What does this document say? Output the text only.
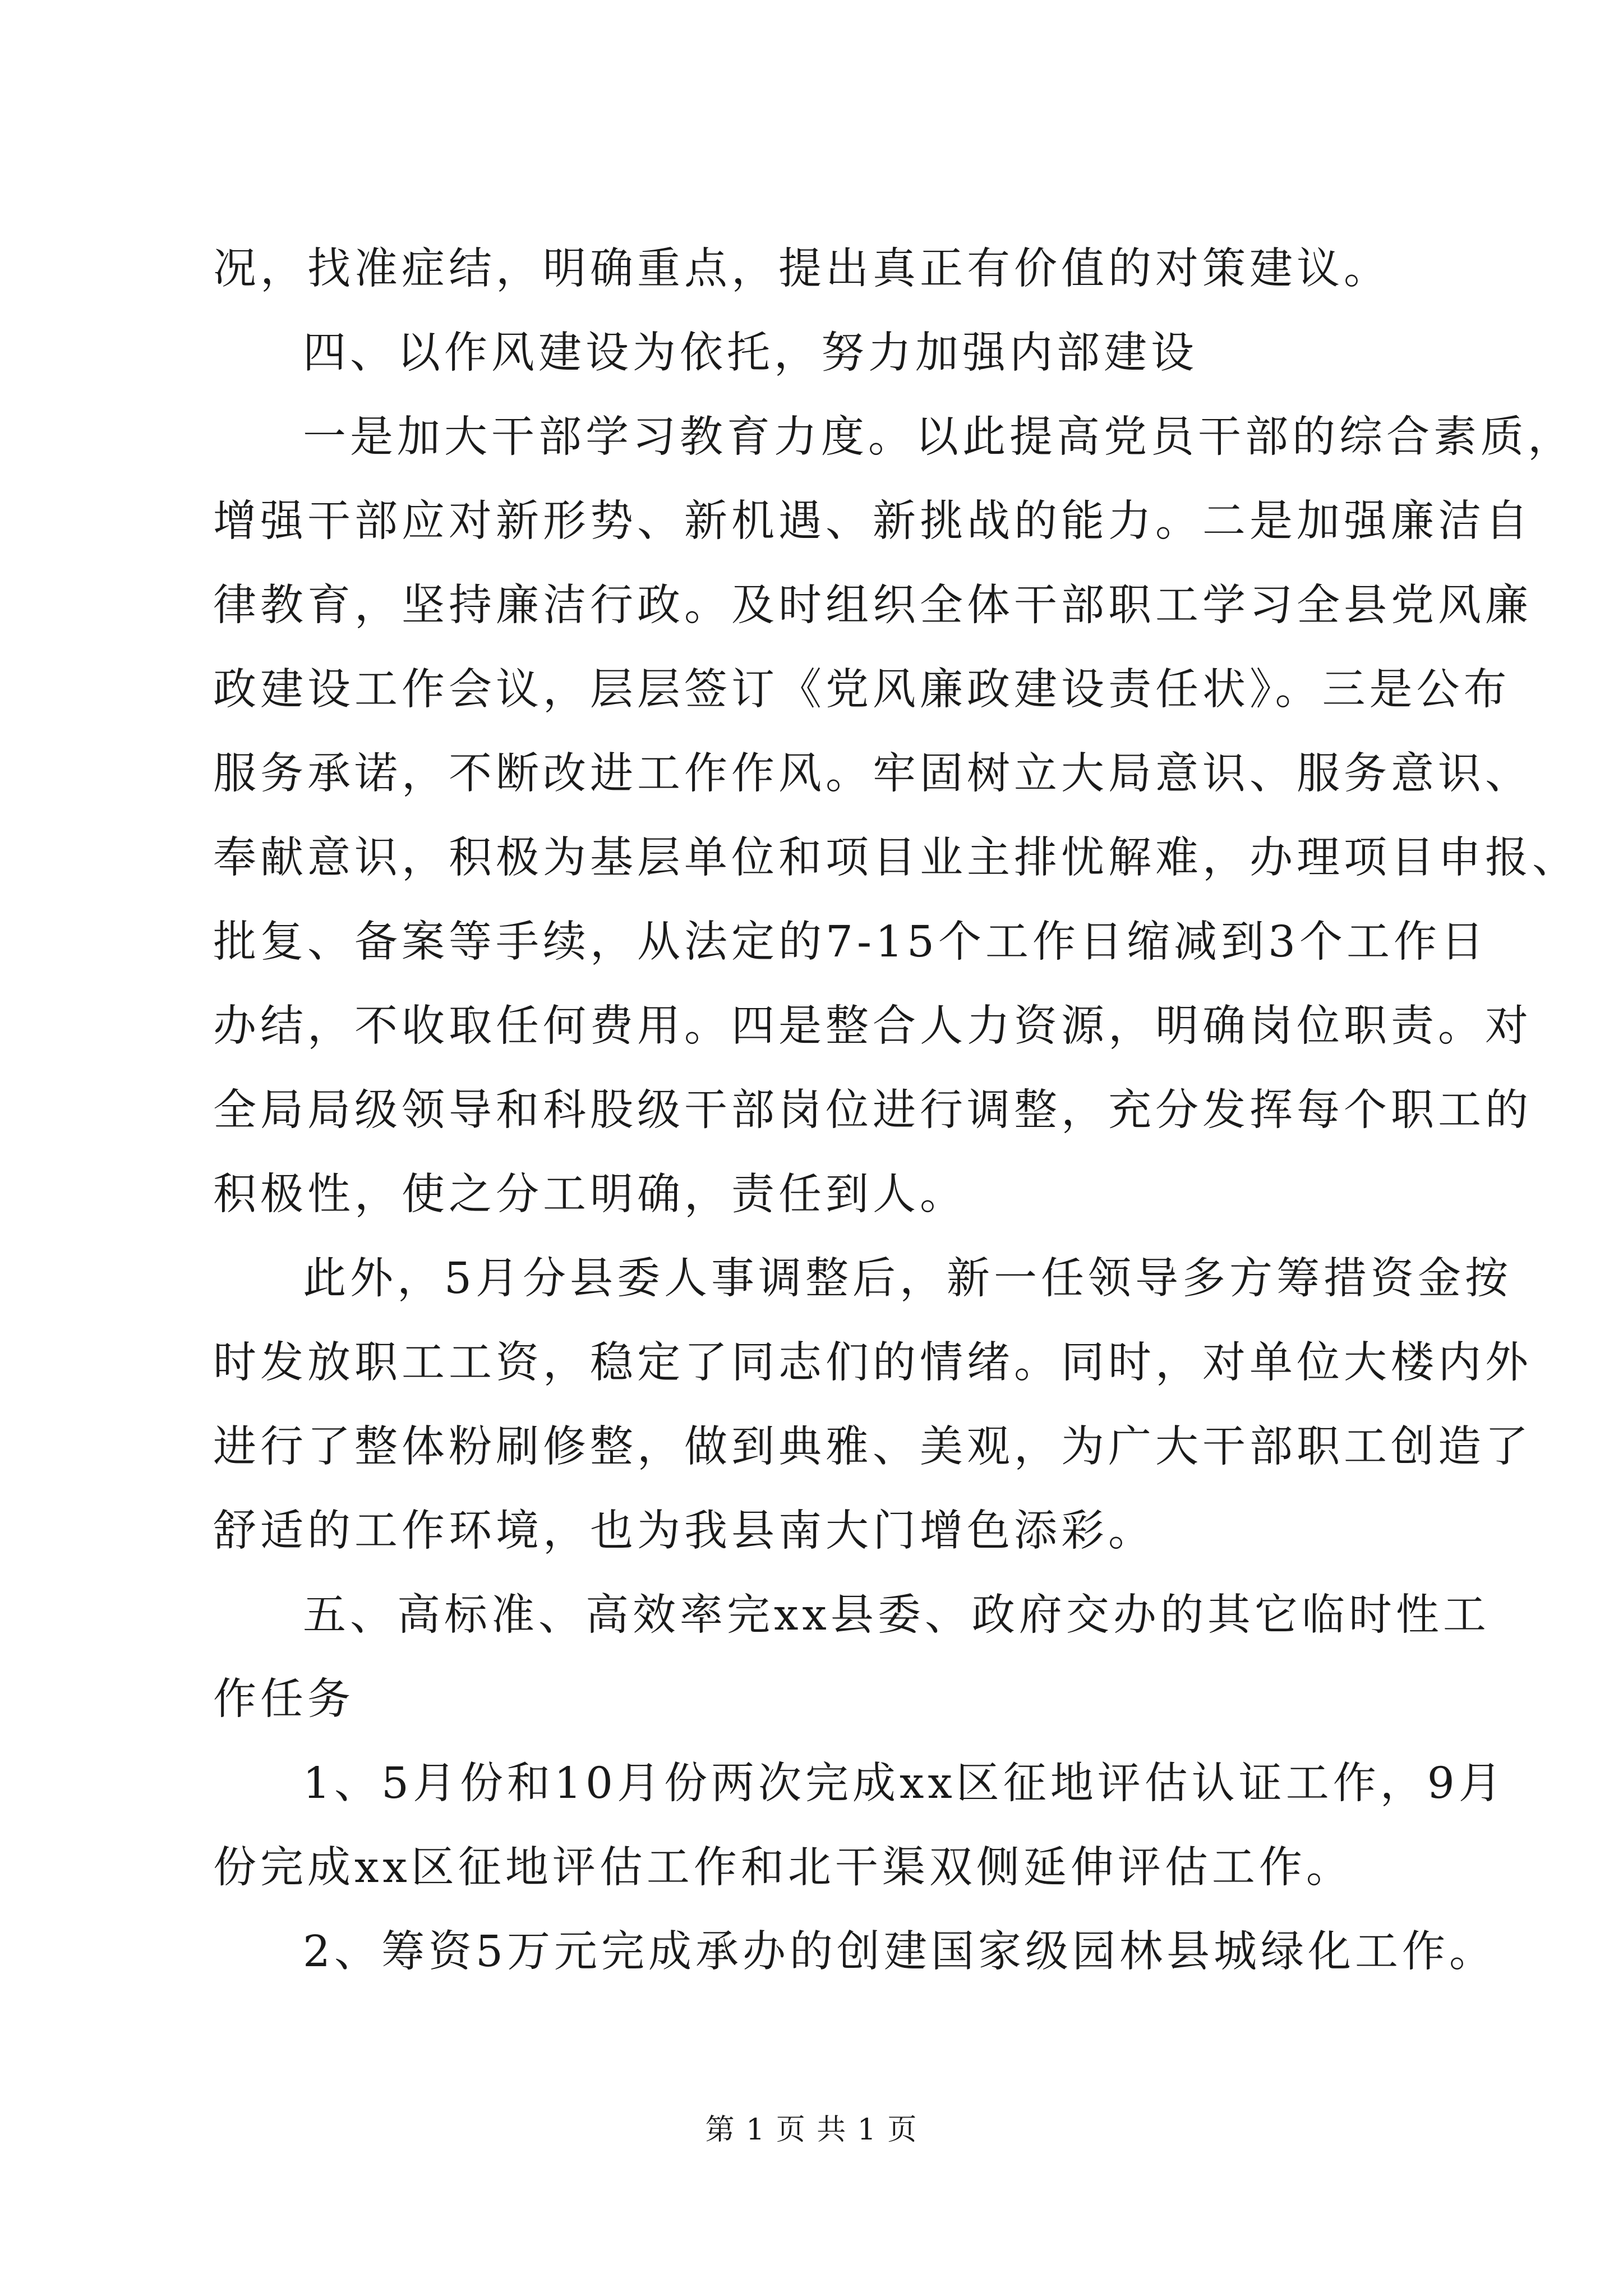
况，找准症结，明确重点，提出真正有价值的对策建议。
四、以作风建设为依托，努力加强内部建设
一是加大干部学习教育力度。以此提高党员干部的综合素质，
增强干部应对新形势、新机遇、新挑战的能力。二是加强廉洁自
律教育，坚持廉洁行政。及时组织全体干部职工学习全县党风廉
政建设工作会议，层层签订《党风廉政建设责任状》。三是公布
服务承诺，不断改进工作作风。牢固树立大局意识、服务意识、
奉献意识，积极为基层单位和项目业主排忧解难，办理项目申报、
批复、备案等手续，从法定的7-15个工作日缩减到3个工作日
办结，不收取任何费用。四是整合人力资源，明确岗位职责。对
全局局级领导和科股级干部岗位进行调整，充分发挥每个职工的
积极性，使之分工明确，责任到人。
此外，5月分县委人事调整后，新一任领导多方筹措资金按
时发放职工工资，稳定了同志们的情绪。同时，对单位大楼内外
进行了整体粉刷修整，做到典雅、美观，为广大干部职工创造了
舒适的工作环境，也为我县南大门增色添彩。
五、高标准、高效率完xx县委、政府交办的其它临时性工
作任务
1、5月份和10月份两次完成xx区征地评估认证工作，9月
份完成xx区征地评估工作和北干渠双侧延伸评估工作。
2、筹资5万元完成承办的创建国家级园林县城绿化工作。
第 1 页 共 1 页
